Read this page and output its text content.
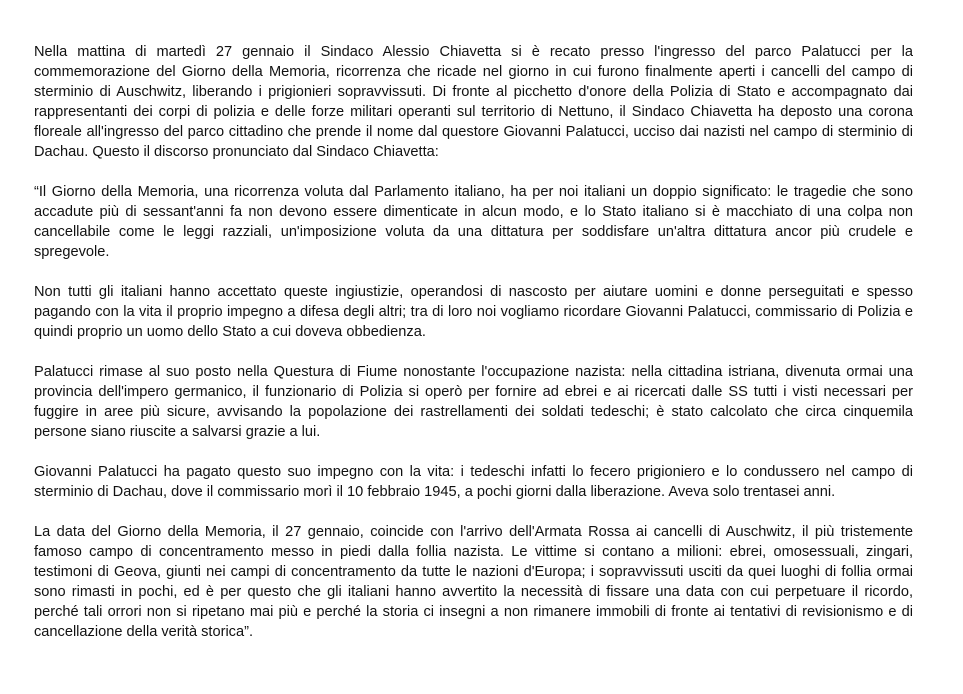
Nella mattina di martedì 27 gennaio il Sindaco Alessio Chiavetta si è recato presso l'ingresso del parco Palatucci per la commemorazione del Giorno della Memoria, ricorrenza che ricade nel giorno in cui furono finalmente aperti i cancelli del campo di sterminio di Auschwitz, liberando i prigionieri sopravvissuti. Di fronte al picchetto d'onore della Polizia di Stato e accompagnato dai rappresentanti dei corpi di polizia e delle forze militari operanti sul territorio di Nettuno, il Sindaco Chiavetta ha deposto una corona floreale all'ingresso del parco cittadino che prende il nome dal questore Giovanni Palatucci, ucciso dai nazisti nel campo di sterminio di Dachau. Questo il discorso pronunciato dal Sindaco Chiavetta:

“Il Giorno della Memoria, una ricorrenza voluta dal Parlamento italiano, ha per noi italiani un doppio significato: le tragedie che sono accadute più di sessant'anni fa non devono essere dimenticate in alcun modo, e lo Stato italiano si è macchiato di una colpa non cancellabile come le leggi razziali, un'imposizione voluta da una dittatura per soddisfare un'altra dittatura ancor più crudele e spregevole.

Non tutti gli italiani hanno accettato queste ingiustizie, operandosi di nascosto per aiutare uomini e donne perseguitati e spesso pagando con la vita il proprio impegno a difesa degli altri; tra di loro noi vogliamo ricordare Giovanni Palatucci, commissario di Polizia e quindi proprio un uomo dello Stato a cui doveva obbedienza.

Palatucci rimase al suo posto nella Questura di Fiume nonostante l'occupazione nazista: nella cittadina istriana, divenuta ormai una provincia dell'impero germanico, il funzionario di Polizia si operò per fornire ad ebrei e ai ricercati dalle SS tutti i visti necessari per fuggire in aree più sicure, avvisando la popolazione dei rastrellamenti dei soldati tedeschi; è stato calcolato che circa cinquemila persone siano riuscite a salvarsi grazie a lui.

Giovanni Palatucci ha pagato questo suo impegno con la vita: i tedeschi infatti lo fecero prigioniero e lo condussero nel campo di sterminio di Dachau, dove il commissario morì il 10 febbraio 1945, a pochi giorni dalla liberazione. Aveva solo trentasei anni.

La data del Giorno della Memoria, il 27 gennaio, coincide con l'arrivo dell'Armata Rossa ai cancelli di Auschwitz, il più tristemente famoso campo di concentramento messo in piedi dalla follia nazista. Le vittime si contano a milioni: ebrei, omosessuali, zingari, testimoni di Geova, giunti nei campi di concentramento da tutte le nazioni d'Europa; i sopravvissuti usciti da quei luoghi di follia ormai sono rimasti in pochi, ed è per questo che gli italiani hanno avvertito la necessità di fissare una data con cui perpetuare il ricordo, perché tali orrori non si ripetano mai più e perché la storia ci insegni a non rimanere immobili di fronte ai tentativi di revisionismo e di cancellazione della verità storica”.
